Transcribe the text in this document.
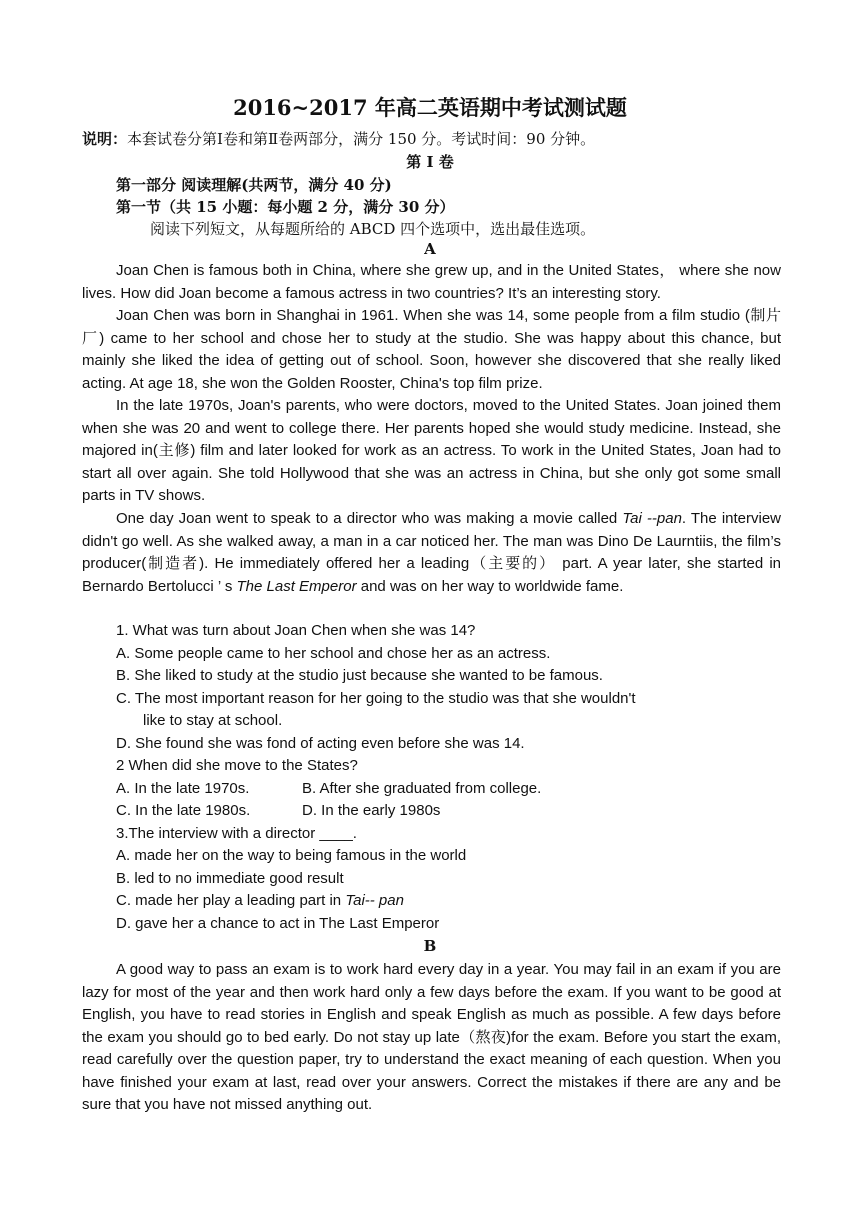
2016~2017 年高二英语期中考试测试题
说明：本套试卷分第Ⅰ卷和第Ⅱ卷两部分，满分 150 分。考试时间：90 分钟。
第 I 卷
第一部分 阅读理解(共两节，满分 40 分)
第一节（共 15 小题：每小题 2 分，满分 30 分）
阅读下列短文，从每题所给的 ABCD 四个选项中，选出最佳选项。
A
Joan Chen is famous both in China, where she grew up, and in the United States， where she now lives. How did Joan become a famous actress in two countries? It’s an interesting story.
Joan Chen was born in Shanghai in 1961. When she was 14, some people from a film studio (制片厂) came to her school and chose her to study at the studio. She was happy about this chance, but mainly she liked the idea of getting out of school. Soon, however she discovered that she really liked acting. At age 18, she won the Golden Rooster, China's top film prize.
In the late 1970s, Joan's parents, who were doctors, moved to the United States. Joan joined them when she was 20 and went to college there. Her parents hoped she would study medicine. Instead, she majored in(主修) film and later looked for work as an actress. To work in the United States, Joan had to start all over again. She told Hollywood that she was an actress in China, but she only got some small parts in TV shows.
One day Joan went to speak to a director who was making a movie called Tai --pan. The interview didn't go well. As she walked away, a man in a car noticed her. The man was Dino De Laurntiis, the film’s producer(制造者). He immediately offered her a leading（主要的） part. A year later, she started in Bernardo Bertolucci ’ s The Last Emperor and was on her way to worldwide fame.
1. What was turn about Joan Chen when she was 14?
A. Some people came to her school and chose her as an actress.
B. She liked to study at the studio just because she wanted to be famous.
C. The most important reason for her going to the studio was that she wouldn't
like to stay at school.
D. She found she was fond of acting even before she was 14.
2 When did she move to the States?
A. In the late 1970s.	B. After she graduated from college.
C. In the late 1980s.	D. In the early 1980s
3.The interview with a director ____.
A. made her on the way to being famous in the world
B. led to no immediate good result
C. made her play a leading part in Tai-- pan
D. gave her a chance to act in The Last Emperor
B
A good way to pass an exam is to work hard every day in a year. You may fail in an exam if you are lazy for most of the year and then work hard only a few days before the exam. If you want to be good at English, you have to read stories in English and speak English as much as possible. A few days before the exam you should go to bed early. Do not stay up late（熬夜)for the exam. Before you start the exam, read carefully over the question paper, try to understand the exact meaning of each question. When you have finished your exam at last, read over your answers. Correct the mistakes if there are any and be sure that you have not missed anything out.
